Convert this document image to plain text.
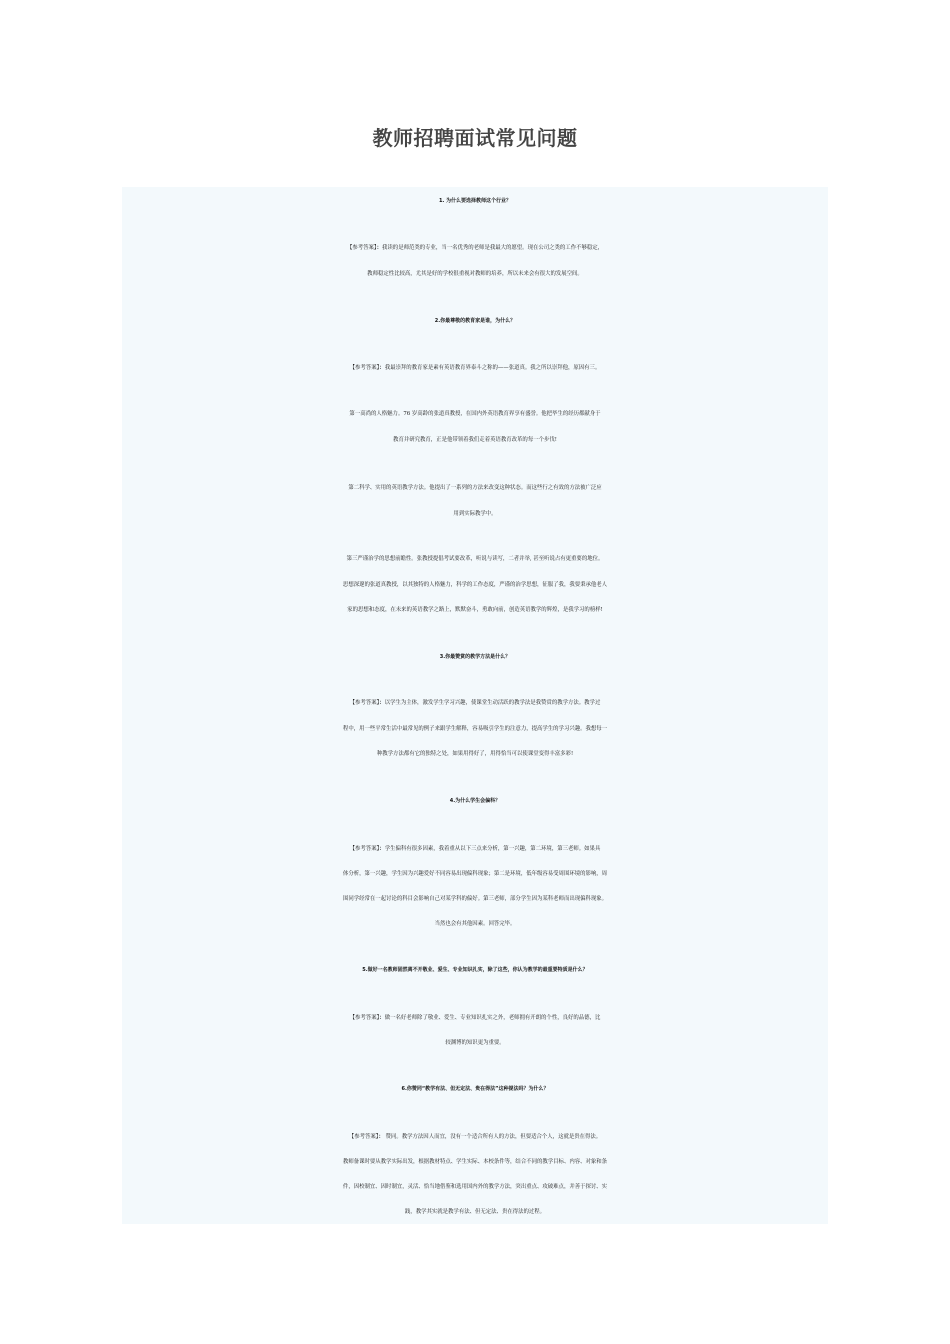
教师招聘面试常见问题
1. 为什么要选择教师这个行业？
【参考答案】：我读的是师范类的专业，当一名优秀的老师是我最大的愿望。现在公司之类的工作不够稳定，
教师稳定性比较高，尤其是好的学校很重视对教师的培养，所以未来会有很大的发展空间。
2.你最尊敬的教育家是谁，为什么？
【参考答案】：我最崇拜的教育家是素有英语教育界泰斗之称的——张道真。我之所以崇拜他，原因有三。
第一高尚的人格魅力。76 岁高龄的张道真教授，在国内外英语教育界享有盛誉。他把毕生的经历都献身于
教育并研究教育，正是他带领着我们走着英语教育改革的每一个步伐!
第二科学、实用的英语教学方法。他提出了一系列的方法来改变这种状态。而这些行之有效的方法被广泛应
用到实际教学中。
第三严谨治学的思想前瞻性。张教授提倡考试要改革，听说与读写，二者并举, 甚至听说占有更重要的地位。
思想深邃的张道真教授，以其独特的人格魅力，科学的工作态度，严谨的治学思想，征服了我，我要秉承他老人
家的思想和态度，在未来的英语教学之路上，默默奋斗，勇敢向前，创造英语教学的辉煌，是我学习的榜样!
3.你最赞赏的教学方法是什么？
【参考答案】：以学生为主体，激发学生学习兴趣，使课堂生动活跃的教学法是我赞赏的教学方法。教学过
程中，用一些平常生活中最常见的例子来跟学生解释，容易吸引学生的注意力，提高学生的学习兴趣。我想每一
种教学方法都有它的独特之处，如果用得好了，用得恰当可以使课堂变得丰富多彩!
4.为什么学生会偏科？
【参考答案】：学生偏科有很多因素，我着重从以下三点来分析，第一兴趣，第二环境，第三老师。如果具
体分析，第一兴趣，学生因为兴趣爱好不同容易出现偏科现象；第二是环境，低年级容易受周围环境的影响，周
围同学经常在一起讨论的科目会影响自己对某学科的偏好。第三老师，部分学生因为某科老师而出现偏科现象。
当然也会有其他因素。回答完毕。
5.做好一名教师固然离不开敬业、爱生、专业知识扎实，除了这些，你认为教学的最重要特质是什么？
【参考答案】：做一名好老师除了敬业、爱生、专业知识扎实之外，老师拥有开朗的个性，良好的品德，比
较渊博的知识更为重要。
6.你赞同“教学有法、但无定法、贵在得法”这种提法吗？为什么？
【参考答案】： 赞同。教学方法因人而宜，没有一个适合所有人的方法，但要适合个人，这就是贵在得法。
教师备课时要从教学实际出发，根据教材特点、学生实际、本校条件等，结合不同的教学目标、内容、对象和条
件，因校制宜、因时制宜，灵活、恰当地借鉴和选用国内外的教学方法，突出重点、攻破难点，并善于探讨、实
践，教学其实就是教学有法、但无定法、贵在得法的过程。
